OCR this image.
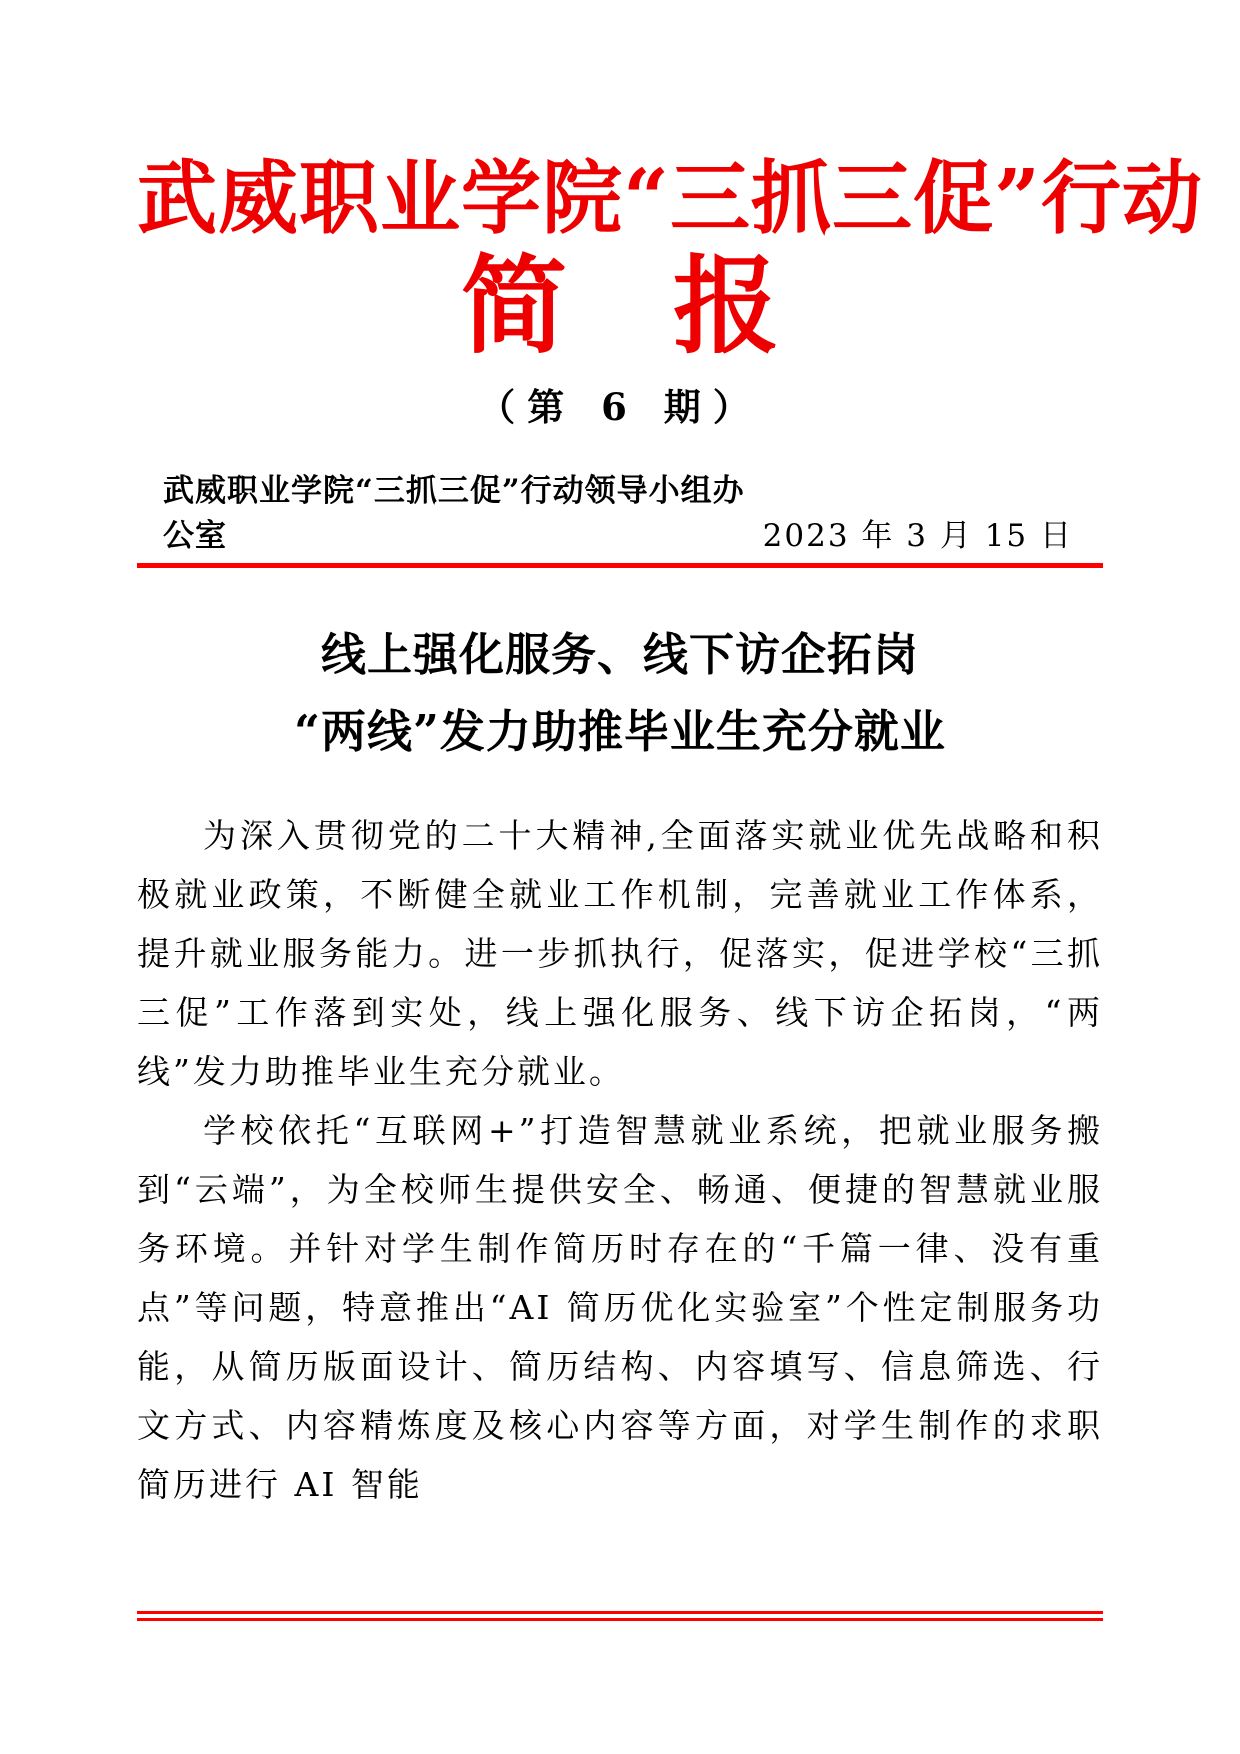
武威职业学院“三抓三促”行动
简　报
（第 6 期）
武威职业学院“三抓三促”行动领导小组办公室	2023 年 3 月 15 日
线上强化服务、线下访企拓岗
“两线”发力助推毕业生充分就业

为深入贯彻党的二十大精神,全面落实就业优先战略和积极就业政策，不断健全就业工作机制，完善就业工作体系，提升就业服务能力。进一步抓执行，促落实，促进学校“三抓三促”工作落到实处，线上强化服务、线下访企拓岗，“两线”发力助推毕业生充分就业。

学校依托“互联网+”打造智慧就业系统，把就业服务搬到“云端”，为全校师生提供安全、畅通、便捷的智慧就业服务环境。并针对学生制作简历时存在的“千篇一律、没有重点”等问题，特意推出“AI 简历优化实验室”个性定制服务功能，从简历版面设计、简历结构、内容填写、信息筛选、行文方式、内容精炼度及核心内容等方面，对学生制作的求职简历进行 AI 智能
